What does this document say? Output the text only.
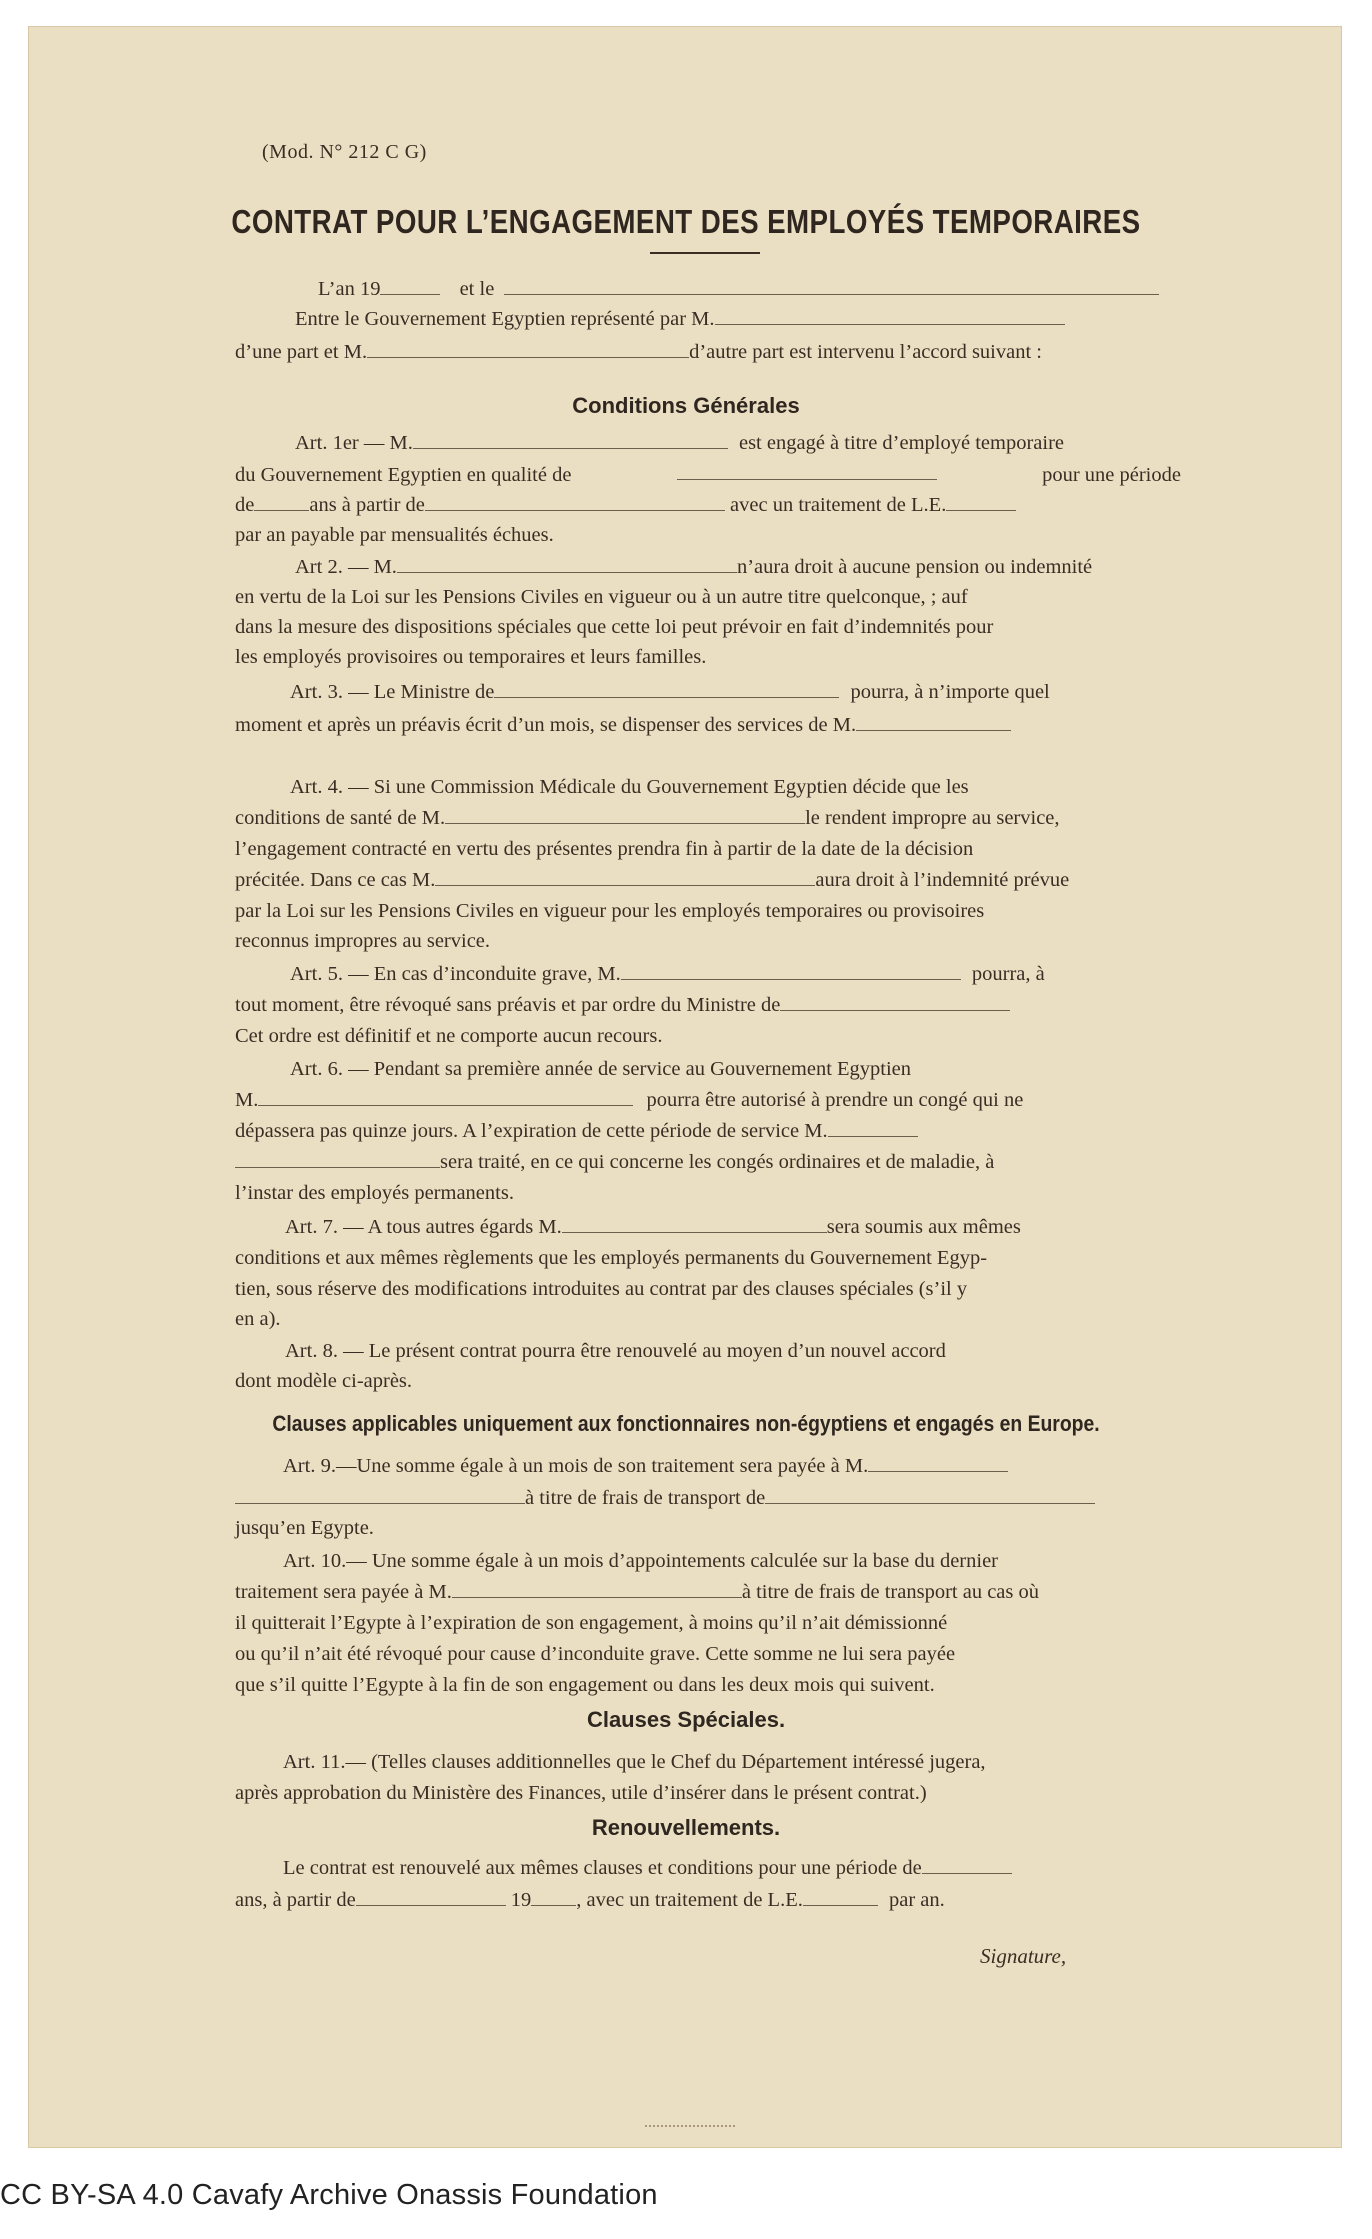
(Mod. N° 212 C G)
CONTRAT POUR L’ENGAGEMENT DES EMPLOYÉS TEMPORAIRES
L’an 19	et le
Entre le Gouvernement Egyptien représenté par M.
d’une part et M.	d’autre part est intervenu l’accord suivant :
Conditions Générales
Art. 1er — M.	est engagé à titre d’employé temporaire
du Gouvernement Egyptien en qualité de	pour une période
de	ans à partir de	avec un traitement de L.E.
par an payable par mensualités échues.
Art 2. — M.	n’aura droit à aucune pension ou indemnité
en vertu de la Loi sur les Pensions Civiles en vigueur ou à un autre titre quelconque, ; auf
dans la mesure des dispositions spéciales que cette loi peut prévoir en fait d’indemnités pour
les employés provisoires ou temporaires et leurs familles.
Art. 3. — Le Ministre de	pourra, à n’importe quel
moment et après un préavis écrit d’un mois, se dispenser des services de M.
Art. 4. — Si une Commission Médicale du Gouvernement Egyptien décide que les
conditions de santé de M.	le rendent impropre au service,
l’engagement contracté en vertu des présentes prendra fin à partir de la date de la décision
précitée. Dans ce cas M.	aura droit à l’indemnité prévue
par la Loi sur les Pensions Civiles en vigueur pour les employés temporaires ou provisoires
reconnus impropres au service.
Art. 5. — En cas d’inconduite grave, M.	pourra, à
tout moment, être révoqué sans préavis et par ordre du Ministre de
Cet ordre est définitif et ne comporte aucun recours.
Art. 6. — Pendant sa première année de service au Gouvernement Egyptien
M.	pourra être autorisé à prendre un congé qui ne
dépassera pas quinze jours. A l’expiration de cette période de service M.
sera traité, en ce qui concerne les congés ordinaires et de maladie, à
l’instar des employés permanents.
Art. 7. — A tous autres égards M.	sera soumis aux mêmes
conditions et aux mêmes règlements que les employés permanents du Gouvernement Egyp-
tien, sous réserve des modifications introduites au contrat par des clauses spéciales (s’il y
en a).
Art. 8. — Le présent contrat pourra être renouvelé au moyen d’un nouvel accord
dont modèle ci-après.
Clauses applicables uniquement aux fonctionnaires non-égyptiens et engagés en Europe.
Art. 9.—Une somme égale à un mois de son traitement sera payée à M.
à titre de frais de transport de
jusqu’en Egypte.
Art. 10.— Une somme égale à un mois d’appointements calculée sur la base du dernier
traitement sera payée à M.	à titre de frais de transport au cas où
il quitterait l’Egypte à l’expiration de son engagement, à moins qu’il n’ait démissionné
ou qu’il n’ait été révoqué pour cause d’inconduite grave. Cette somme ne lui sera payée
que s’il quitte l’Egypte à la fin de son engagement ou dans les deux mois qui suivent.
Clauses Spéciales.
Art. 11.— (Telles clauses additionnelles que le Chef du Département intéressé jugera,
après approbation du Ministère des Finances, utile d’insérer dans le présent contrat.)
Renouvellements.
Le contrat est renouvelé aux mêmes clauses et conditions pour une période de
ans, à partir de	19 , avec un traitement de L.E.	par an.
Signature,
CC BY-SA 4.0 Cavafy Archive Onassis Foundation
